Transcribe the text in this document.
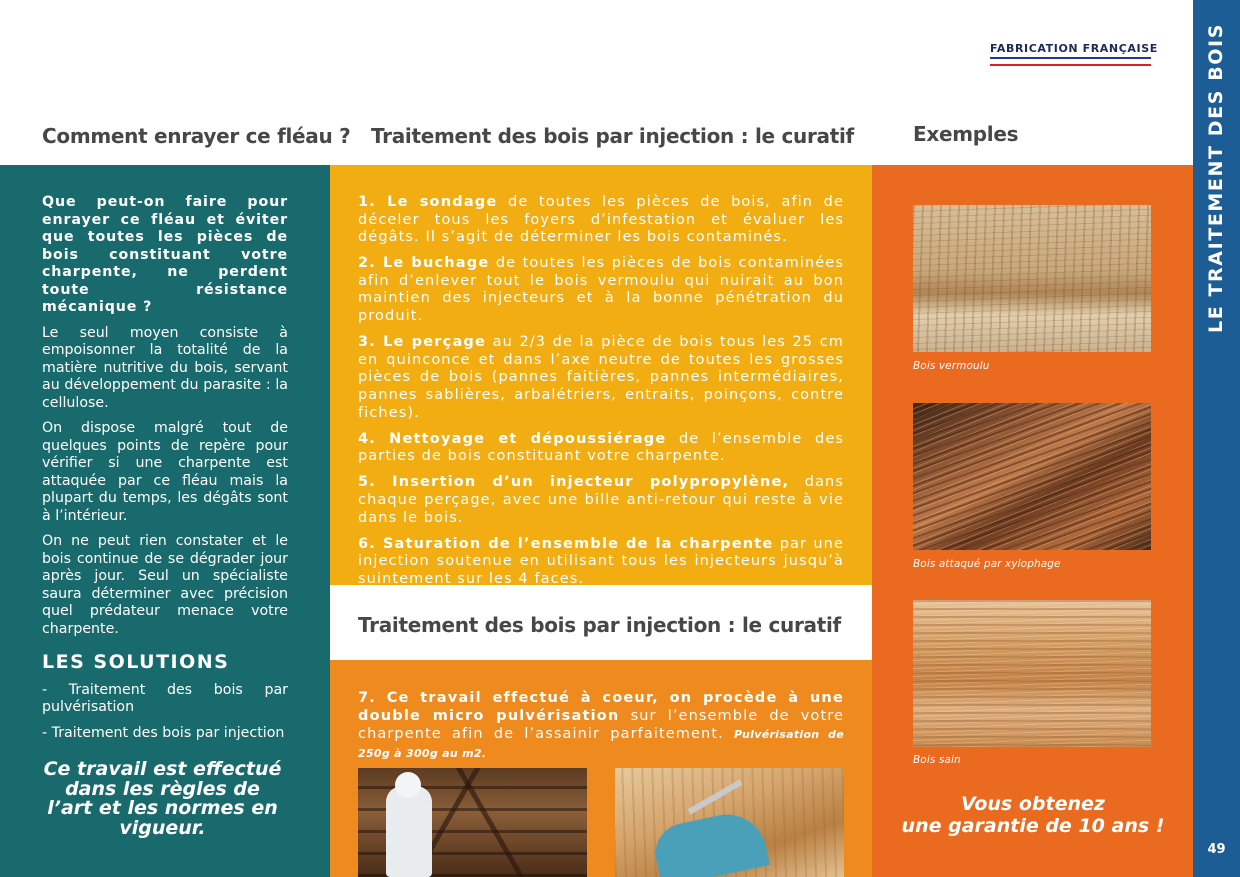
FABRICATION FRANÇAISE
Comment enrayer ce fléau ? Traitement des bois par injection : le curatif	Exemples	LE TRAITEMENT DES BOIS
49

Que peut-on faire pour enrayer ce fléau et éviter que toutes les pièces de bois constituant votre charpente, ne perdent toute résistance mécanique ?

Le seul moyen consiste à empoisonner la totalité de la matière nutritive du bois, servant au développement du parasite : la cellulose.

On dispose malgré tout de quelques points de repère pour vérifier si une charpente est attaquée par ce fléau mais la plupart du temps, les dégâts sont à l’intérieur.

On ne peut rien constater et le bois continue de se dégrader jour après jour. Seul un spécialiste saura déterminer avec précision quel prédateur menace votre charpente.

LES SOLUTIONS
- Traitement des bois par pulvérisation
- Traitement des bois par injection
Ce travail est effectué dans les règles de l’art et les normes en vigueur.

1. Le sondage de toutes les pièces de bois, afin de déceler tous les foyers d’infestation et évaluer les dégâts. Il s’agit de déterminer les bois contaminés.

2. Le buchage de toutes les pièces de bois contaminées afin d’enlever tout le bois vermoulu qui nuirait au bon maintien des injecteurs et à la bonne pénétration du produit.

3. Le perçage au 2/3 de la pièce de bois tous les 25 cm en quinconce et dans l’axe neutre de toutes les grosses pièces de bois (pannes faitières, pannes intermédiaires, pannes sablières, arbalétriers, entraits, poinçons, contre fiches).

4. Nettoyage et dépoussiérage de l’ensemble des parties de bois constituant votre charpente.

5. Insertion d’un injecteur polypropylène, dans chaque perçage, avec une bille anti-retour qui reste à vie dans le bois.

6. Saturation de l’ensemble de la charpente par une injection soutenue en utilisant tous les injecteurs jusqu’à suintement sur les 4 faces.

Traitement des bois par injection : le curatif
7. Ce travail effectué à coeur, on procède à une double micro pulvérisation sur l’ensemble de votre charpente afin de l’assainir parfaitement. Pulvérisation de 250g à 300g au m2.
Bois vermoulu
Bois attaqué par xylophage
Bois sain
Vous obtenez
une garantie de 10 ans !
